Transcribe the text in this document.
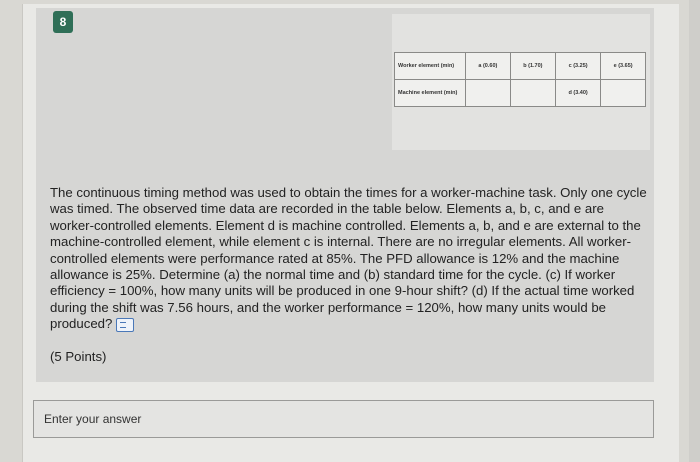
8
Worker element (min)	a (0.60)	b (1.70)	c (3.25)	e (3.65)
Machine element (min)			d (3.40)	
The continuous timing method was used to obtain the times for a worker-machine task. Only one cycle was timed. The observed time data are recorded in the table below. Elements a, b, c, and e are worker-controlled elements. Element d is machine controlled. Elements a, b, and e are external to the machine-controlled element, while element c is internal. There are no irregular elements. All worker-controlled elements were performance rated at 85%. The PFD allowance is 12% and the machine allowance is 25%. Determine (a) the normal time and (b) standard time for the cycle. (c) If worker efficiency = 100%, how many units will be produced in one 9-hour shift? (d) If the actual time worked during the shift was 7.56 hours, and the worker performance = 120%, how many units would be produced?
(5 Points)
Enter your answer
